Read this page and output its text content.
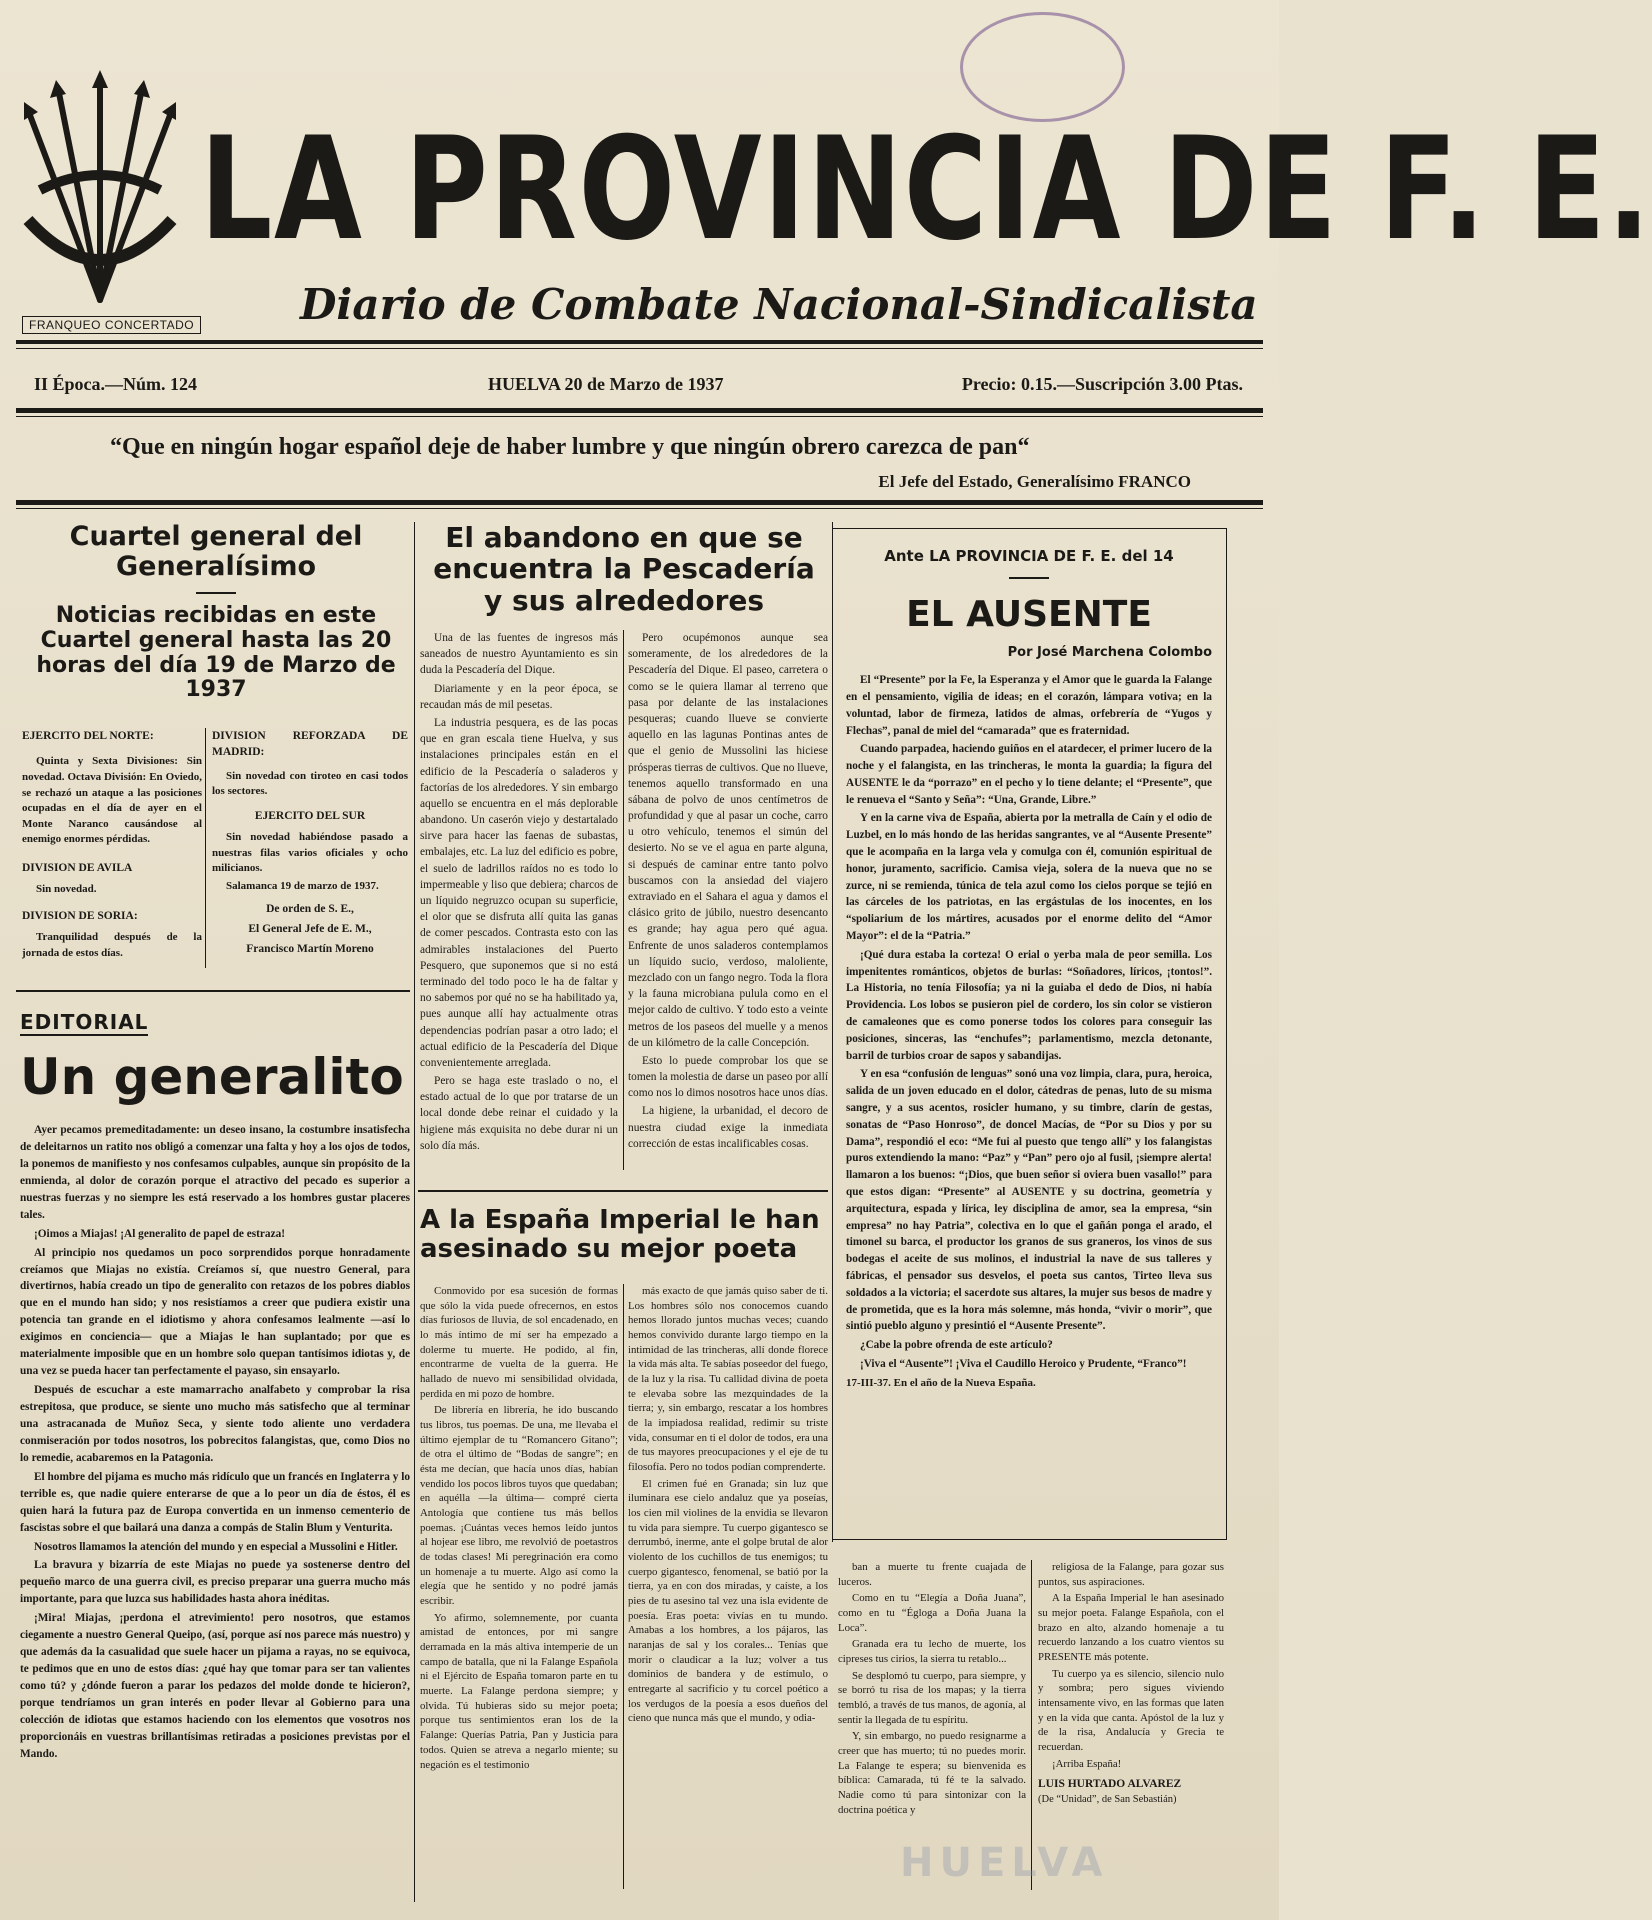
LA PROVINCIA DE F. E.
Diario de Combate Nacional-Sindicalista
FRANQUEO CONCERTADO
II Época.—Núm. 124	HUELVA 20 de Marzo de 1937	Precio: 0.15.—Suscripción 3.00 Ptas.
“Que en ningún hogar español deje de haber lumbre y que ningún obrero carezca de pan“
El Jefe del Estado, Generalísimo FRANCO
Cuartel general del Generalísimo
Noticias recibidas en este Cuartel general hasta las 20 horas del día 19 de Marzo de 1937
EJERCITO DEL NORTE:

Quinta y Sexta Divisiones: Sin novedad. Octava División: En Oviedo, se rechazó un ataque a las posiciones ocupadas en el día de ayer en el Monte Naranco causándose al enemigo enormes pérdidas.

DIVISION DE AVILA

Sin novedad.

DIVISION DE SORIA:

Tranquilidad después de la jornada de estos días.

DIVISION REFORZADA DE MADRID:

Sin novedad con tiroteo en casi todos los sectores.

EJERCITO DEL SUR

Sin novedad habiéndose pasado a nuestras filas varios oficiales y ocho milicianos.

Salamanca 19 de marzo de 1937.

De orden de S. E.,
El General Jefe de E. M.,
Francisco Martín Moreno
EDITORIAL
Un generalito

Ayer pecamos premeditadamente: un deseo insano, la costumbre insatisfecha de deleitarnos un ratito nos obligó a comenzar una falta y hoy a los ojos de todos, la ponemos de manifiesto y nos confesamos culpables, aunque sin propósito de la enmienda, al dolor de corazón porque el atractivo del pecado es superior a nuestras fuerzas y no siempre les está reservado a los hombres gustar placeres tales.

¡Oimos a Miajas! ¡Al generalito de papel de estraza!

Al principio nos quedamos un poco sorprendidos porque honradamente creíamos que Miajas no existía. Creíamos sí, que nuestro General, para divertirnos, había creado un tipo de generalito con retazos de los pobres diablos que en el mundo han sido; y nos resistíamos a creer que pudiera existir una potencia tan grande en el idiotismo y ahora confesamos lealmente —así lo exigimos en conciencia— que a Miajas le han suplantado; por que es materialmente imposible que en un hombre solo quepan tantísimos idiotas y, de una vez se pueda hacer tan perfectamente el payaso, sin ensayarlo.

Después de escuchar a este mamarracho analfabeto y comprobar la risa estrepitosa, que produce, se siente uno mucho más satisfecho que al terminar una astracanada de Muñoz Seca, y siente todo aliente uno verdadera conmiseración por todos nosotros, los pobrecitos falangistas, que, como Dios no lo remedie, acabaremos en la Patagonia.

El hombre del pijama es mucho más ridículo que un francés en Inglaterra y lo terrible es, que nadie quiere enterarse de que a lo peor un día de éstos, él es quien hará la futura paz de Europa convertida en un inmenso cementerio de fascistas sobre el que bailará una danza a compás de Stalin Blum y Venturita.

Nosotros llamamos la atención del mundo y en especial a Mussolini e Hitler.

La bravura y bizarría de este Miajas no puede ya sostenerse dentro del pequeño marco de una guerra civil, es preciso preparar una guerra mucho más importante, para que luzca sus habilidades hasta ahora inéditas.

¡Mira! Miajas, ¡perdona el atrevimiento! pero nosotros, que estamos ciegamente a nuestro General Queipo, (así, porque así nos parece más nuestro) y que además da la casualidad que suele hacer un pijama a rayas, no se equivoca, te pedimos que en uno de estos días: ¿qué hay que tomar para ser tan valientes como tú? y ¿dónde fueron a parar los pedazos del molde donde te hicieron?, porque tendríamos un gran interés en poder llevar al Gobierno para una colección de idiotas que estamos haciendo con los elementos que vosotros nos proporcionáis en vuestras brillantísimas retiradas a posiciones previstas por el Mando.

El abandono en que se encuentra la Pescadería y sus alrededores

Una de las fuentes de ingresos más saneados de nuestro Ayuntamiento es sin duda la Pescadería del Dique.

Diariamente y en la peor época, se recaudan más de mil pesetas.

La industria pesquera, es de las pocas que en gran escala tiene Huelva, y sus instalaciones principales están en el edificio de la Pescadería o saladeros y factorías de los alrededores. Y sin embargo aquello se encuentra en el más deplorable abandono. Un caserón viejo y destartalado sirve para hacer las faenas de subastas, embalajes, etc. La luz del edificio es pobre, el suelo de ladrillos raídos no es todo lo impermeable y liso que debiera; charcos de un líquido negruzco ocupan su superficie, el olor que se disfruta allí quita las ganas de comer pescados. Contrasta esto con las admirables instalaciones del Puerto Pesquero, que suponemos que si no está terminado del todo poco le ha de faltar y no sabemos por qué no se ha habilitado ya, pues aunque allí hay actualmente otras dependencias podrían pasar a otro lado; el actual edificio de la Pescadería del Dique convenientemente arreglada.

Pero se haga este traslado o no, el estado actual de lo que por tratarse de un local donde debe reinar el cuidado y la higiene más exquisita no debe durar ni un solo día más.

Pero ocupémonos aunque sea someramente, de los alrededores de la Pescadería del Dique. El paseo, carretera o como se le quiera llamar al terreno que pasa por delante de las instalaciones pesqueras; cuando llueve se convierte aquello en las lagunas Pontinas antes de que el genio de Mussolini las hiciese prósperas tierras de cultivos. Que no llueve, tenemos aquello transformado en una sábana de polvo de unos centímetros de profundidad y que al pasar un coche, carro u otro vehículo, tenemos el simún del desierto. No se ve el agua en parte alguna, si después de caminar entre tanto polvo buscamos con la ansiedad del viajero extraviado en el Sahara el agua y damos el clásico grito de júbilo, nuestro desencanto es grande; hay agua pero qué agua. Enfrente de unos saladeros contemplamos un líquido sucio, verdoso, maloliente, mezclado con un fango negro. Toda la flora y la fauna microbiana pulula como en el mejor caldo de cultivo. Y todo esto a veinte metros de los paseos del muelle y a menos de un kilómetro de la calle Concepción.

Esto lo puede comprobar los que se tomen la molestia de darse un paseo por allí como nos lo dimos nosotros hace unos días.

La higiene, la urbanidad, el decoro de nuestra ciudad exige la inmediata corrección de estas incalificables cosas.

Ante LA PROVINCIA DE F. E. del 14
EL AUSENTE
Por José Marchena Colombo

El “Presente” por la Fe, la Esperanza y el Amor que le guarda la Falange en el pensamiento, vigilia de ideas; en el corazón, lámpara votiva; en la voluntad, labor de firmeza, latidos de almas, orfebrería de “Yugos y Flechas”, panal de miel del “camarada” que es fraternidad.

Cuando parpadea, haciendo guiños en el atardecer, el primer lucero de la noche y el falangista, en las trincheras, le monta la guardia; la figura del AUSENTE le da “porrazo” en el pecho y lo tiene delante; el “Presente”, que le renueva el “Santo y Seña”: “Una, Grande, Libre.”

Y en la carne viva de España, abierta por la metralla de Caín y el odio de Luzbel, en lo más hondo de las heridas sangrantes, ve al “Ausente Presente” que le acompaña en la larga vela y comulga con él, comunión espiritual de honor, juramento, sacrificio. Camisa vieja, solera de la nueva que no se zurce, ni se remienda, túnica de tela azul como los cielos porque se tejió en las cárceles de los patriotas, en las ergástulas de los inocentes, en los “spoliarium de los mártires, acusados por el enorme delito del “Amor Mayor”: el de la “Patria.”

¡Qué dura estaba la corteza! O erial o yerba mala de peor semilla. Los impenitentes románticos, objetos de burlas: “Soñadores, líricos, ¡tontos!”. La Historia, no tenía Filosofía; ya ni la guiaba el dedo de Dios, ni había Providencia. Los lobos se pusieron piel de cordero, los sin color se vistieron de camaleones que es como ponerse todos los colores para conseguir las posiciones, sinceras, las “enchufes”; parlamentismo, mezcla detonante, barril de turbios croar de sapos y sabandijas.

Y en esa “confusión de lenguas” sonó una voz limpia, clara, pura, heroica, salida de un joven educado en el dolor, cátedras de penas, luto de su misma sangre, y a sus acentos, rosicler humano, y su timbre, clarín de gestas, sonatas de “Paso Honroso”, de doncel Macías, de “Por su Dios y por su Dama”, respondió el eco: “Me fui al puesto que tengo allí” y los falangistas puros extendiendo la mano: “Paz” y “Pan” pero ojo al fusil, ¡siempre alerta! llamaron a los buenos: “¡Dios, que buen señor si oviera buen vasallo!” para que estos digan: “Presente” al AUSENTE y su doctrina, geometría y arquitectura, espada y lírica, ley disciplina de amor, sea la empresa, “sin empresa” no hay Patria”, colectiva en lo que el gañán ponga el arado, el timonel su barca, el productor los granos de sus graneros, los vinos de sus bodegas el aceite de sus molinos, el industrial la nave de sus talleres y fábricas, el pensador sus desvelos, el poeta sus cantos, Tirteo lleva sus soldados a la victoria; el sacerdote sus altares, la mujer sus besos de madre y de prometida, que es la hora más solemne, más honda, “vivir o morir”, que sintió pueblo alguno y presintió el “Ausente Presente”.

¿Cabe la pobre ofrenda de este artículo?

¡Viva el “Ausente”! ¡Viva el Caudillo Heroico y Prudente, “Franco”!

17-III-37. En el año de la Nueva España.
A la España Imperial le han asesinado su mejor poeta

Conmovido por esa sucesión de formas que sólo la vida puede ofrecernos, en estos días furiosos de lluvia, de sol encadenado, en lo más íntimo de mí ser ha empezado a dolerme tu muerte. He podido, al fin, encontrarme de vuelta de la guerra. He hallado de nuevo mi sensibilidad olvidada, perdida en mi pozo de hombre.

De librería en librería, he ido buscando tus libros, tus poemas. De una, me llevaba el último ejemplar de tu “Romancero Gitano”; de otra el último de “Bodas de sangre”; en ésta me decían, que hacía unos días, habían vendido los pocos libros tuyos que quedaban; en aquélla —la última— compré cierta Antología que contiene tus más bellos poemas. ¡Cuántas veces hemos leído juntos al hojear ese libro, me revolvió de poetastros de todas clases! Mi peregrinación era como un homenaje a tu muerte. Algo así como la elegía que he sentido y no podré jamás escribir.

Yo afirmo, solemnemente, por cuanta amistad de entonces, por mi sangre derramada en la más altiva intemperie de un campo de batalla, que ni la Falange Española ni el Ejército de España tomaron parte en tu muerte. La Falange perdona siempre; y olvida. Tú hubieras sido su mejor poeta; porque tus sentimientos eran los de la Falange: Querías Patria, Pan y Justicia para todos. Quien se atreva a negarlo miente; su negación es el testimonio

más exacto de que jamás quiso saber de ti. Los hombres sólo nos conocemos cuando hemos llorado juntos muchas veces; cuando hemos convivido durante largo tiempo en la intimidad de las trincheras, allí donde florece la vida más alta. Te sabías poseedor del fuego, de la luz y la risa. Tu callidad divina de poeta te elevaba sobre las mezquindades de la tierra; y, sin embargo, rescatar a los hombres de la impiadosa realidad, redimir su triste vida, consumar en ti el dolor de todos, era una de tus mayores preocupaciones y el eje de tu filosofía. Pero no todos podían comprenderte.

El crimen fué en Granada; sin luz que iluminara ese cielo andaluz que ya poseías, los cien mil violines de la envidia se llevaron tu vida para siempre. Tu cuerpo gigantesco se derrumbó, inerme, ante el golpe brutal de alor violento de los cuchillos de tus enemigos; tu cuerpo gigantesco, fenomenal, se batió por la tierra, ya en con dos miradas, y caíste, a los pies de tu asesino tal vez una isla evidente de poesía. Eras poeta: vivías en tu mundo. Amabas a los hombres, a los pájaros, las naranjas de sal y los corales... Tenías que morir o claudicar a la luz; volver a tus dominios de bandera y de estímulo, o entregarte al sacrificio y tu corcel poético a los verdugos de la poesía a esos dueños del cieno que nunca más que el mundo, y odia-

ban a muerte tu frente cuajada de luceros.

Como en tu “Elegía a Doña Juana”, como en tu “Égloga a Doña Juana la Loca”.

Granada era tu lecho de muerte, los cipreses tus cirios, la sierra tu retablo...

Se desplomó tu cuerpo, para siempre, y se borró tu risa de los mapas; y la tierra tembló, a través de tus manos, de agonía, al sentir la llegada de tu espíritu.

Y, sin embargo, no puedo resignarme a creer que has muerto; tú no puedes morir. La Falange te espera; su bienvenida es bíblica: Camarada, tú fé te la salvado. Nadie como tú para sintonizar con la doctrina poética y

religiosa de la Falange, para gozar sus puntos, sus aspiraciones.

A la España Imperial le han asesinado su mejor poeta. Falange Española, con el brazo en alto, alzando homenaje a tu recuerdo lanzando a los cuatro vientos su PRESENTE más potente.

Tu cuerpo ya es silencio, silencio nulo y sombra; pero sigues viviendo intensamente vivo, en las formas que laten y en la vida que canta. Apóstol de la luz y de la risa, Andalucía y Grecia te recuerdan.

¡Arriba España!

LUIS HURTADO ALVAREZ
(De “Unidad”, de San Sebastián)
HUELVA
